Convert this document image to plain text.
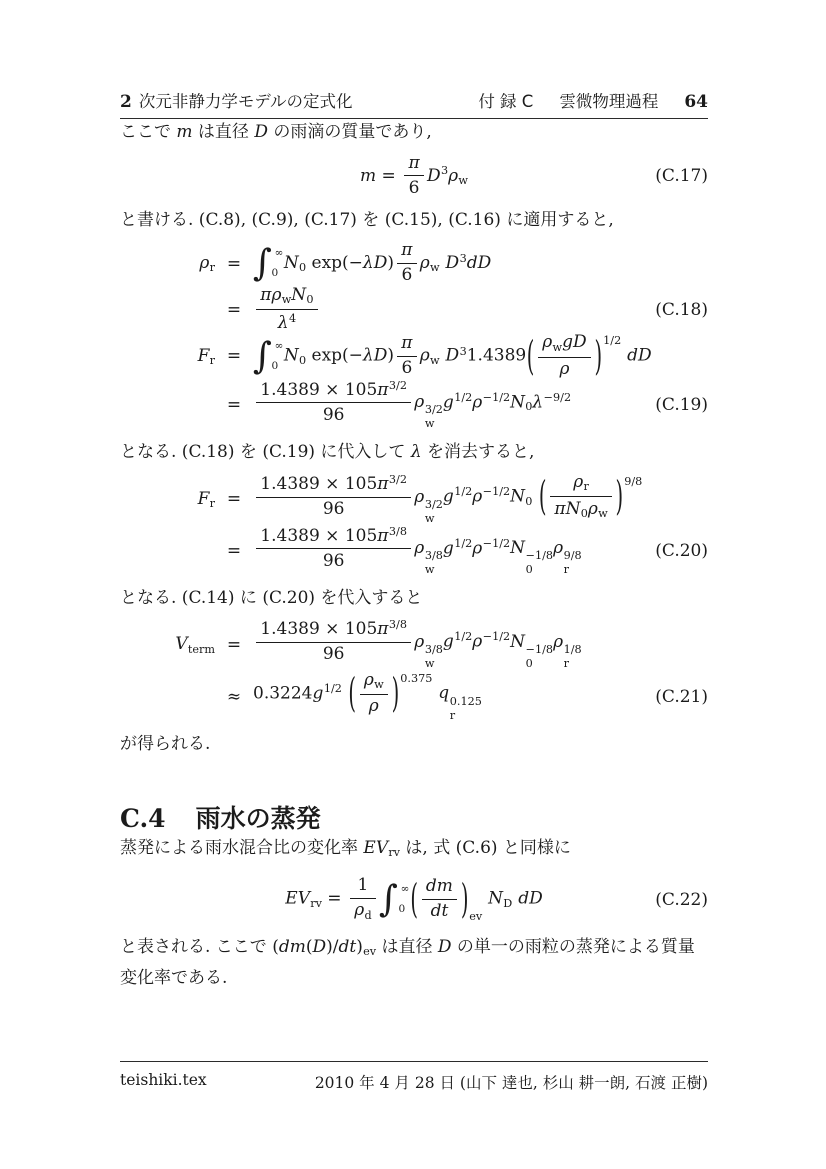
2 次元非静力学モデルの定式化	付 録 C 雲微物理過程 64

ここで m は直径 D の雨滴の質量であり,

$m = \frac{\pi}{6} D^3\rho w$	(C.17)

と書ける. (C.8), (C.9), (C.17) を (C.15), (C.16) に適用すると,

ρr = ∫ ∞
0
N0 $\exp(-\lambda D) \frac{\pi}{6}$ ρw  $D^3dD$
= $\frac{\text{πρwN0}}{\lambda^4}$	(C.18)
Fr = ∫ ∞
0
N0 $\exp(-\lambda D) \frac{\pi}{6}$ ρw  $D^31.4389$ ( $\frac{\text{ρwgD}}{\rho}$ ) $^{1/2}$ dD
= $\frac{1.4389 \times 105\pi^{3/2}}{96}$ ρ 3/2
w
$g^{1/2}\rho^{-1/2}N0\lambda^{-9/2}$	(C.19)

となる. (C.18) を (C.19) に代入して λ を消去すると,

$Fr = \frac{1.4389 \times 105\pi^{3/2}}{96}$ ρ 3/2
w
$g^{1/2}\rho^{-1/2}N0$  ( $\frac{\rho r}{\pi N0\rho w}$ ) $^{9/8}$
= $\frac{1.4389 \times 105\pi^{3/8}}{96}$ ρ 3/8
w
$g^{1/2}\rho^{-1/2}N -1/8$
0
ρ 9/8
r
(C.20)

となる. (C.14) に (C.20) を代入すると

Vterm = $\frac{1.4389 \times 105\pi^{3/8}}{96}$ ρ 3/8
w
$g^{1/2}\rho^{-1/2}N -1/8$
0
ρ 1/8
r
≈ $0.3224g^{1/2}$  ( $\frac{\rho w}{\rho}$ ) $^{0.375}$ q 0.125
r
(C.21)

が得られる.

C.4 雨水の蒸発

蒸発による雨水混合比の変化率 EVrv は, 式 (C.6) と同様に

EVrv = $\frac{1}{\rho d}$ ∫ ∞
0 ( $\frac{dm}{dt}$ ) $_{ev}$ ND  dD	(C.22)

と表される. ここで (dm(D)/dt)ev は直径 D の単一の雨粒の蒸発による質量変化率である.

teishiki.tex	2010 年 4 月 28 日 (山下 達也, 杉山 耕一朗, 石渡 正樹)
